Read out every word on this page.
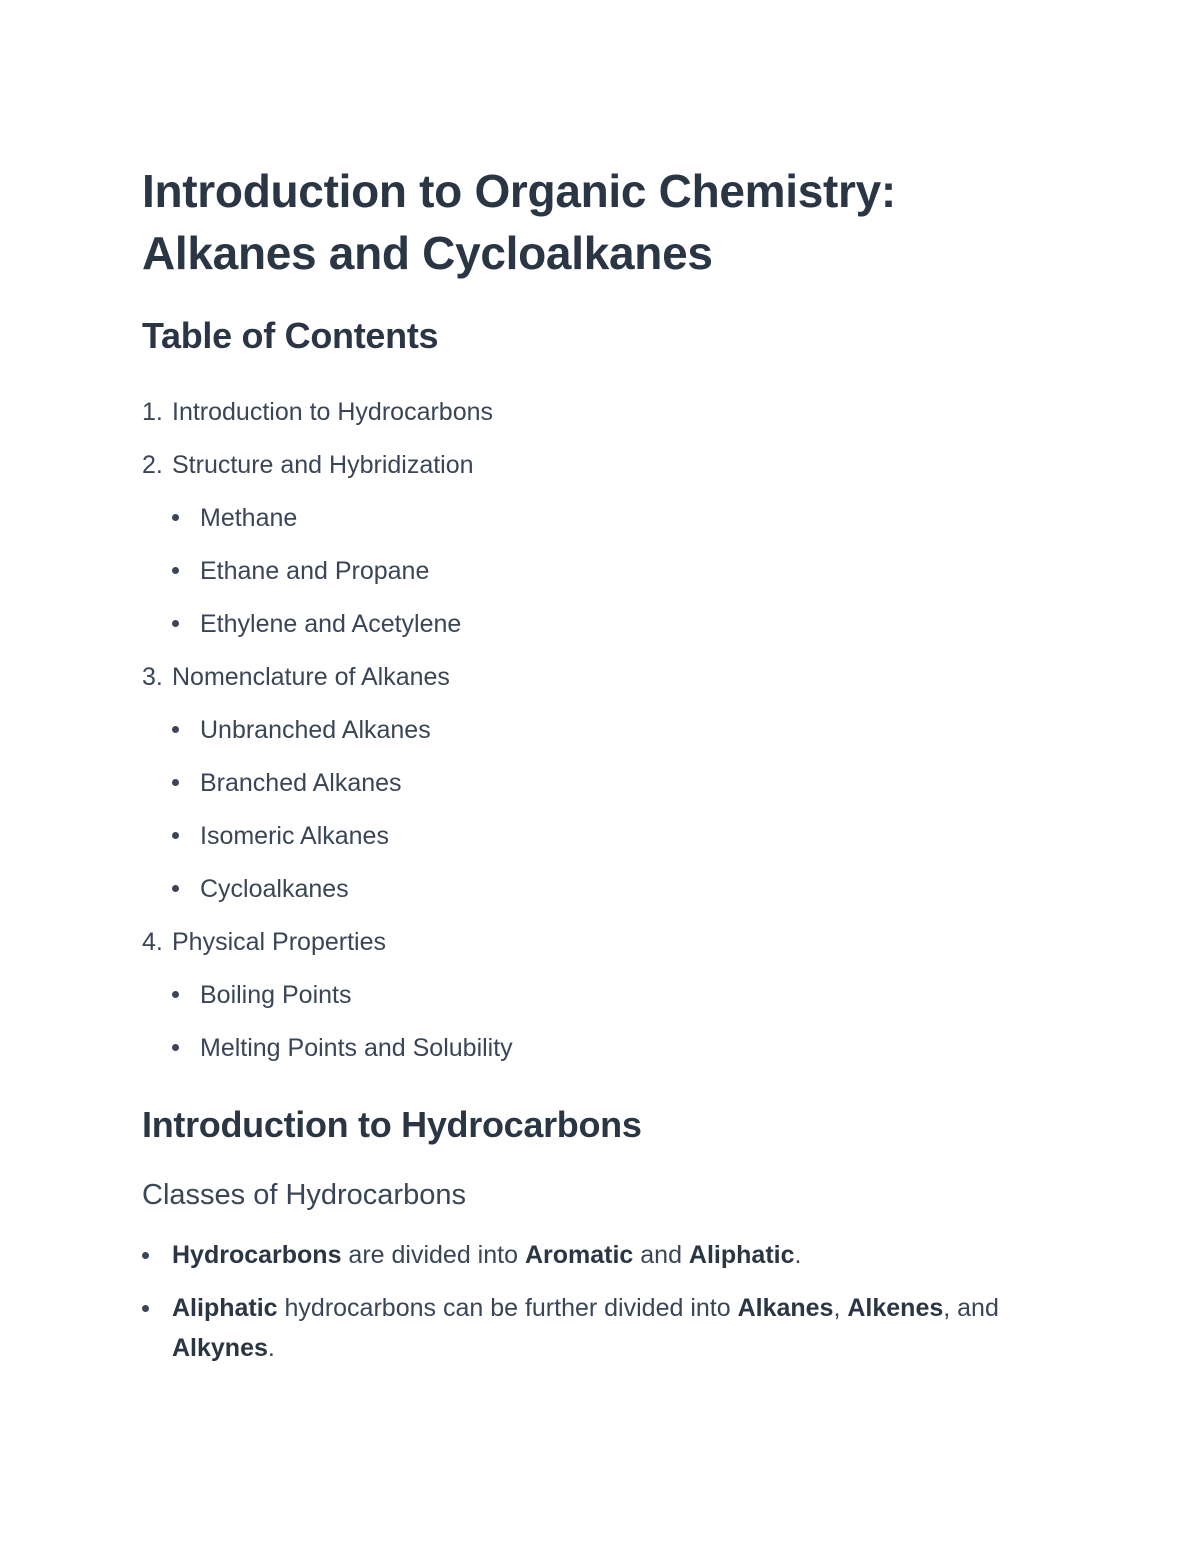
Introduction to Organic Chemistry:
Alkanes and Cycloalkanes
Table of Contents
1. Introduction to Hydrocarbons
2. Structure and Hybridization
Methane
Ethane and Propane
Ethylene and Acetylene
3. Nomenclature of Alkanes
Unbranched Alkanes
Branched Alkanes
Isomeric Alkanes
Cycloalkanes
4. Physical Properties
Boiling Points
Melting Points and Solubility
Introduction to Hydrocarbons
Classes of Hydrocarbons
Hydrocarbons are divided into Aromatic and Aliphatic.
Aliphatic hydrocarbons can be further divided into Alkanes, Alkenes, and Alkynes.
